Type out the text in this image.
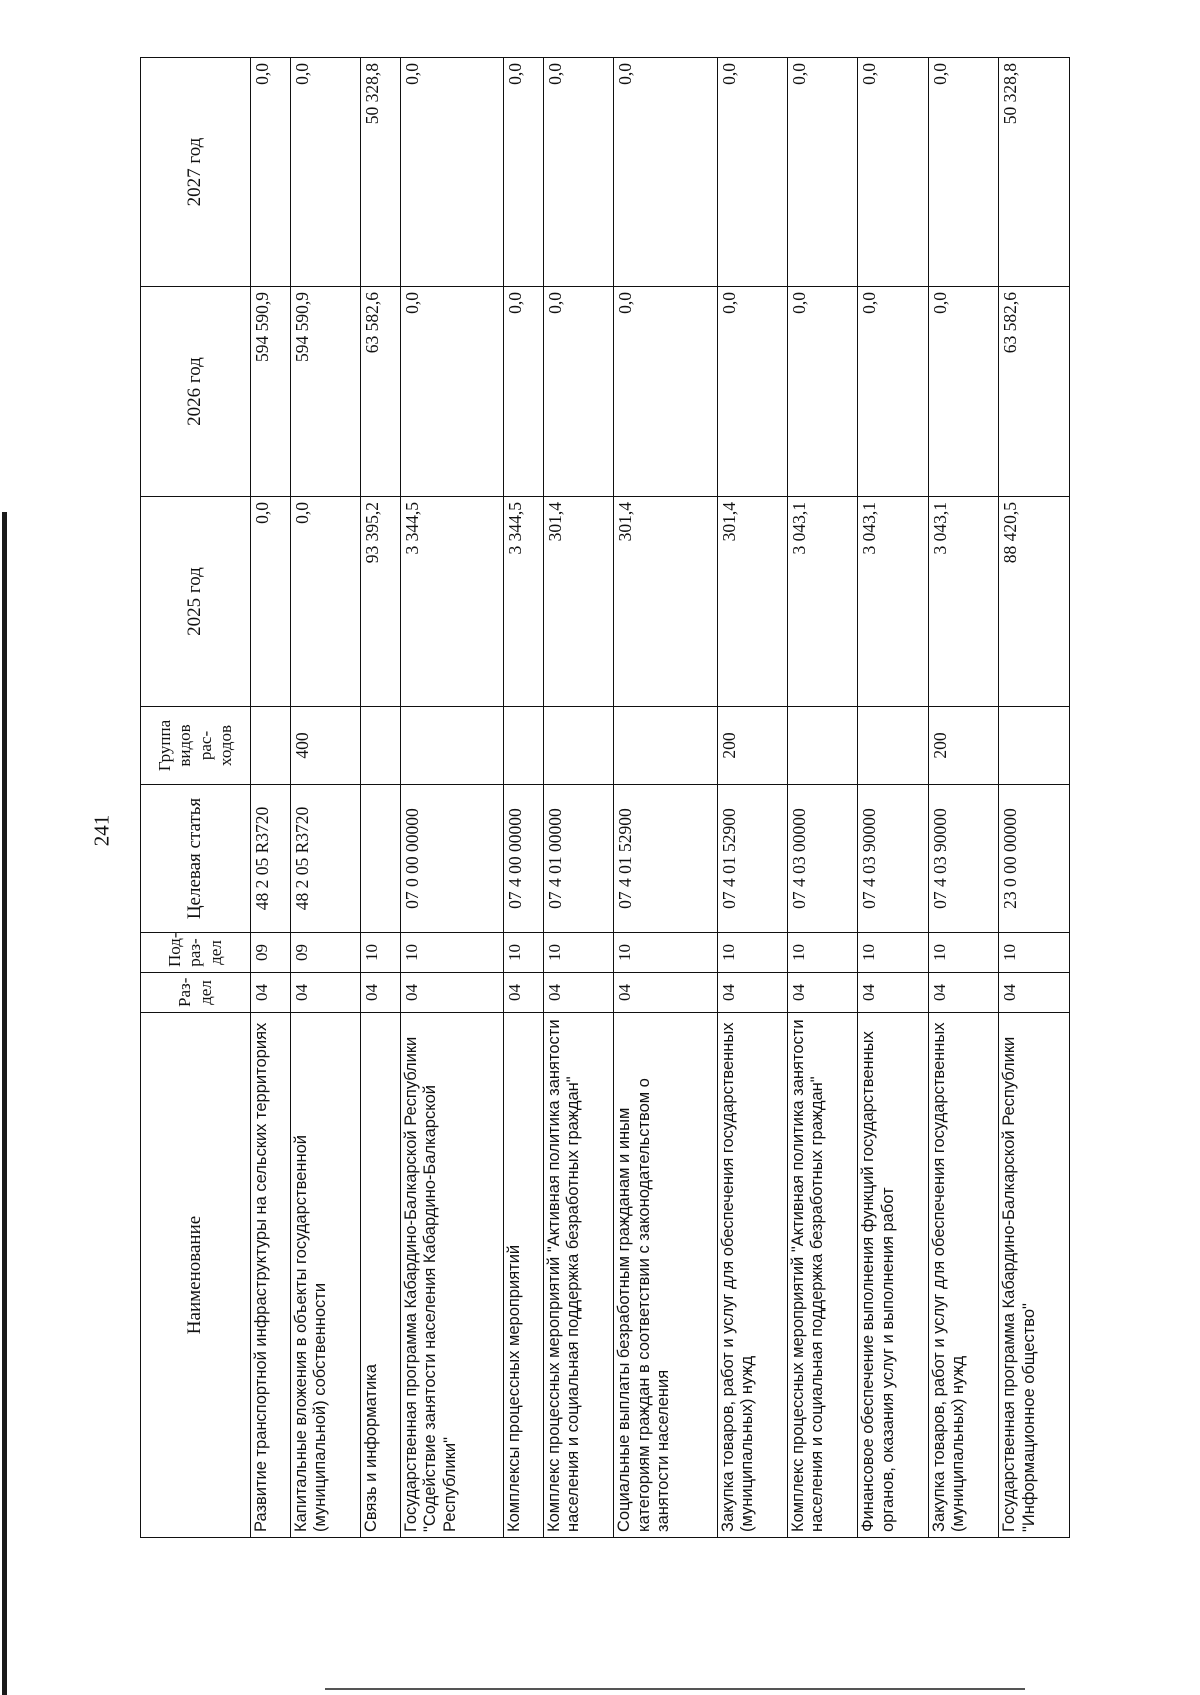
241
Наименование	Раз-дел	Под-раз-дел	Целевая статья	Группа видов рас-ходов	2025 год	2026 год	2027 год
Развитие транспортной инфраструктуры на сельских территориях	04	09	48 2 05 R3720		0,0	594 590,9	0,0
Капитальные вложения в объекты государственной (муниципальной) собственности	04	09	48 2 05 R3720	400	0,0	594 590,9	0,0
Связь и информатика	04	10			93 395,2	63 582,6	50 328,8
Государственная программа Кабардино-Балкарской Республики "Содействие занятости населения Кабардино-Балкарской Республики"	04	10	07 0 00 00000		3 344,5	0,0	0,0
Комплексы процессных мероприятий	04	10	07 4 00 00000		3 344,5	0,0	0,0
Комплекс процессных мероприятий "Активная политика занятости населения и социальная поддержка безработных граждан"	04	10	07 4 01 00000		301,4	0,0	0,0
Социальные выплаты безработным гражданам и иным категориям граждан в соответствии с законодательством о занятости населения	04	10	07 4 01 52900		301,4	0,0	0,0
Закупка товаров, работ и услуг для обеспечения государственных (муниципальных) нужд	04	10	07 4 01 52900	200	301,4	0,0	0,0
Комплекс процессных мероприятий "Активная политика занятости населения и социальная поддержка безработных граждан"	04	10	07 4 03 00000		3 043,1	0,0	0,0
Финансовое обеспечение выполнения функций государственных органов, оказания услуг и выполнения работ	04	10	07 4 03 90000		3 043,1	0,0	0,0
Закупка товаров, работ и услуг для обеспечения государственных (муниципальных) нужд	04	10	07 4 03 90000	200	3 043,1	0,0	0,0
Государственная программа Кабардино-Балкарской Республики "Информационное общество"	04	10	23 0 00 00000		88 420,5	63 582,6	50 328,8
